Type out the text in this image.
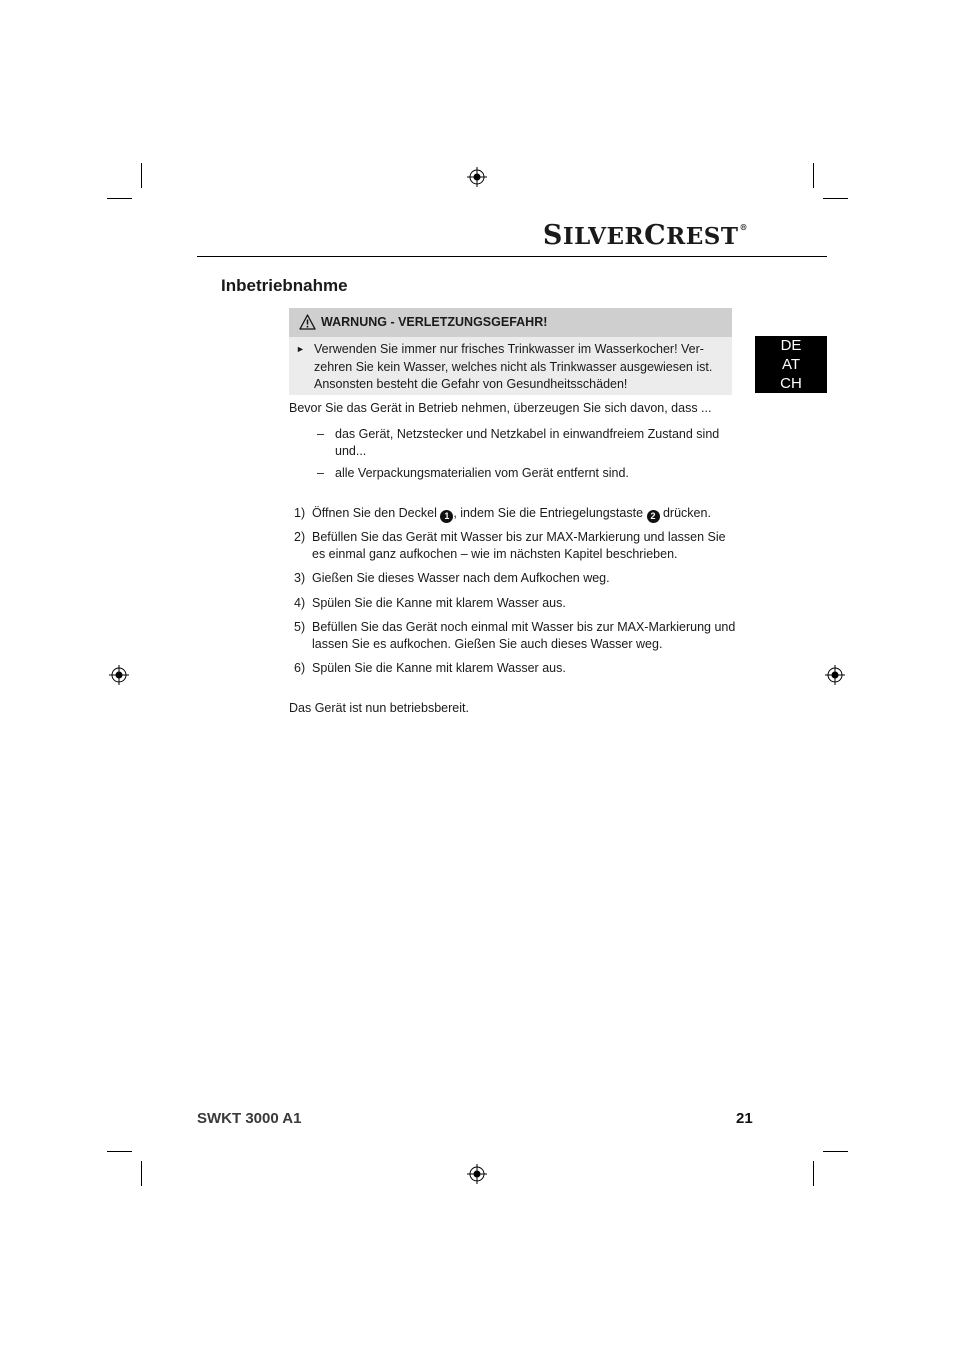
SILVERCREST®
Inbetriebnahme
WARNUNG - VERLETZUNGSGEFAHR!
► Verwenden Sie immer nur frisches Trinkwasser im Wasserkocher! Ver-
zehren Sie kein Wasser, welches nicht als Trinkwasser ausgewiesen ist.
Ansonsten besteht die Gefahr von Gesundheitsschäden!
DE
AT
CH
Bevor Sie das Gerät in Betrieb nehmen, überzeugen Sie sich davon, dass ...
– das Gerät, Netzstecker und Netzkabel in einwandfreiem Zustand sind
und...
– alle Verpackungsmaterialien vom Gerät entfernt sind.
1) Öffnen Sie den Deckel 1 , indem Sie die Entriegelungstaste 2 drücken.
2) Befüllen Sie das Gerät mit Wasser bis zur MAX-Markierung und lassen Sie
es einmal ganz aufkochen – wie im nächsten Kapitel beschrieben.
3) Gießen Sie dieses Wasser nach dem Aufkochen weg.
4) Spülen Sie die Kanne mit klarem Wasser aus.
5) Befüllen Sie das Gerät noch einmal mit Wasser bis zur MAX-Markierung und
lassen Sie es aufkochen. Gießen Sie auch dieses Wasser weg.
6) Spülen Sie die Kanne mit klarem Wasser aus.
Das Gerät ist nun betriebsbereit.
SWKT 3000 A1	21
